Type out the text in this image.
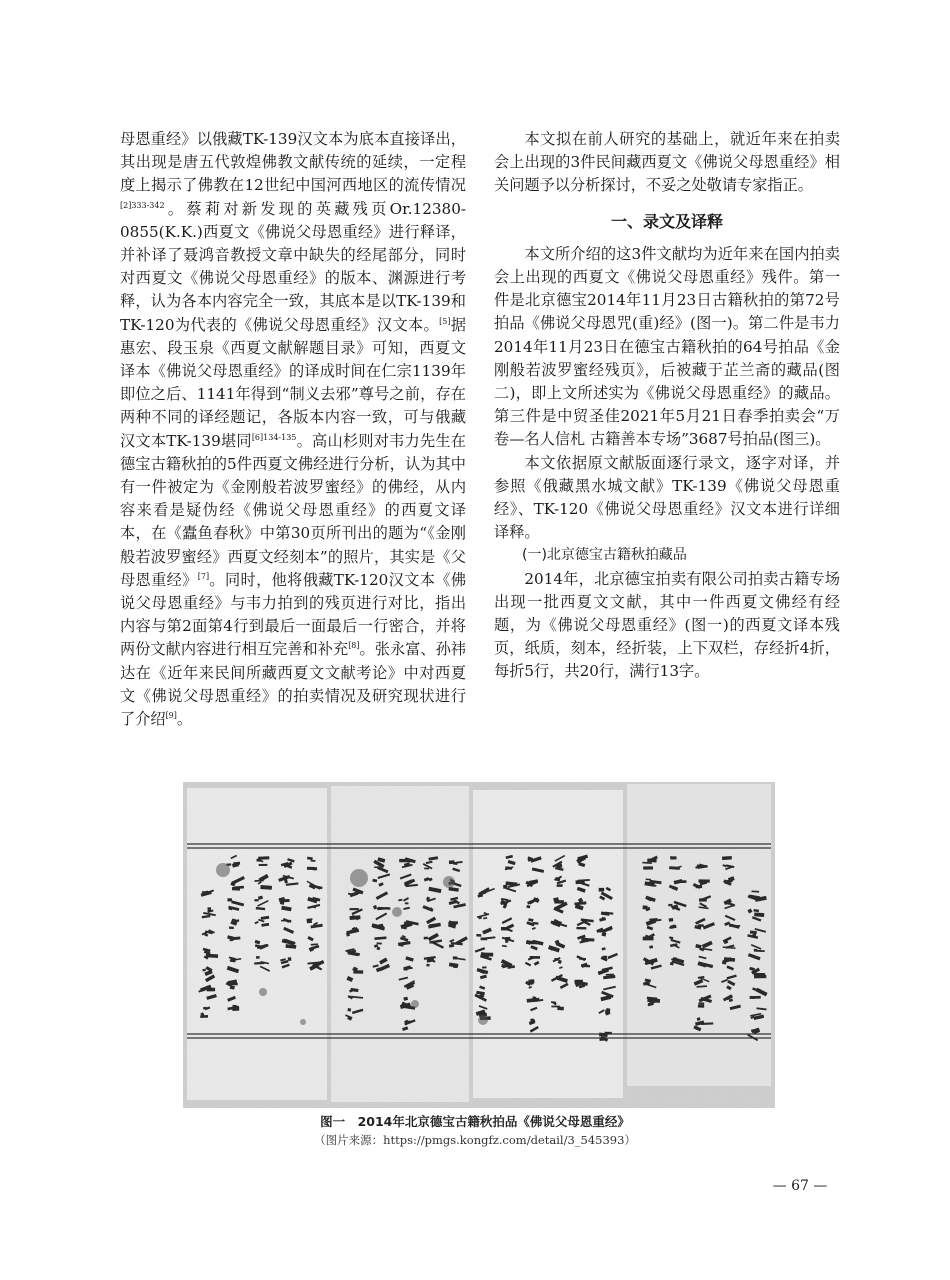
母恩重经》以俄藏TK-139汉文本为底本直接译出，其出现是唐五代敦煌佛教文献传统的延续，一定程度上揭示了佛教在12世纪中国河西地区的流传情况$^{[2]333-342}$。蔡莉对新发现的英藏残页Or.12380-0855(K.K.)西夏文《佛说父母恩重经》进行释译，并补译了聂鸿音教授文章中缺失的经尾部分，同时对西夏文《佛说父母恩重经》的版本、渊源进行考释，认为各本内容完全一致，其底本是以TK-139和TK-120为代表的《佛说父母恩重经》汉文本。[5]据惠宏、段玉泉《西夏文献解题目录》可知，西夏文译本《佛说父母恩重经》的译成时间在仁宗1139年即位之后、1141年得到“制义去邪”尊号之前，存在两种不同的译经题记，各版本内容一致，可与俄藏汉文本TK-139堪同$^{[6]134-135}$。高山杉则对韦力先生在德宝古籍秋拍的5件西夏文佛经进行分析，认为其中有一件被定为《金刚般若波罗蜜经》的佛经，从内容来看是疑伪经《佛说父母恩重经》的西夏文译本，在《蠹鱼春秋》中第30页所刊出的题为“《金刚般若波罗蜜经》西夏文经刻本”的照片，其实是《父母恩重经》[7]。同时，他将俄藏TK-120汉文本《佛说父母恩重经》与韦力拍到的残页进行对比，指出内容与第2面第4行到最后一面最后一行密合，并将两份文献内容进行相互完善和补充[8]。张永富、孙祎达在《近年来民间所藏西夏文文献考论》中对西夏文《佛说父母恩重经》的拍卖情况及研究现状进行了介绍[9]。

本文拟在前人研究的基础上，就近年来在拍卖会上出现的3件民间藏西夏文《佛说父母恩重经》相关问题予以分析探讨，不妥之处敬请专家指正。

一、录文及译释

本文所介绍的这3件文献均为近年来在国内拍卖会上出现的西夏文《佛说父母恩重经》残件。第一件是北京德宝2014年11月23日古籍秋拍的第72号拍品《佛说父母恩咒(重)经》(图一)。第二件是韦力2014年11月23日在德宝古籍秋拍的64号拍品《金刚般若波罗蜜经残页》，后被藏于芷兰斋的藏品(图二)，即上文所述实为《佛说父母恩重经》的藏品。第三件是中贸圣佳2021年5月21日春季拍卖会“万卷—名人信札 古籍善本专场”3687号拍品(图三)。

本文依据原文献版面逐行录文，逐字对译，并参照《俄藏黑水城文献》TK-139《佛说父母恩重经》、TK-120《佛说父母恩重经》汉文本进行详细译释。

(一)北京德宝古籍秋拍藏品

2014年，北京德宝拍卖有限公司拍卖古籍专场出现一批西夏文文献，其中一件西夏文佛经有经题，为《佛说父母恩重经》(图一)的西夏文译本残页，纸质，刻本，经折装，上下双栏，存经折4折，每折5行，共20行，满行13字。

图一　2014年北京德宝古籍秋拍品《佛说父母恩重经》
（图片来源：https://pmgs.kongfz.com/detail/3_545393）
— 67 —
